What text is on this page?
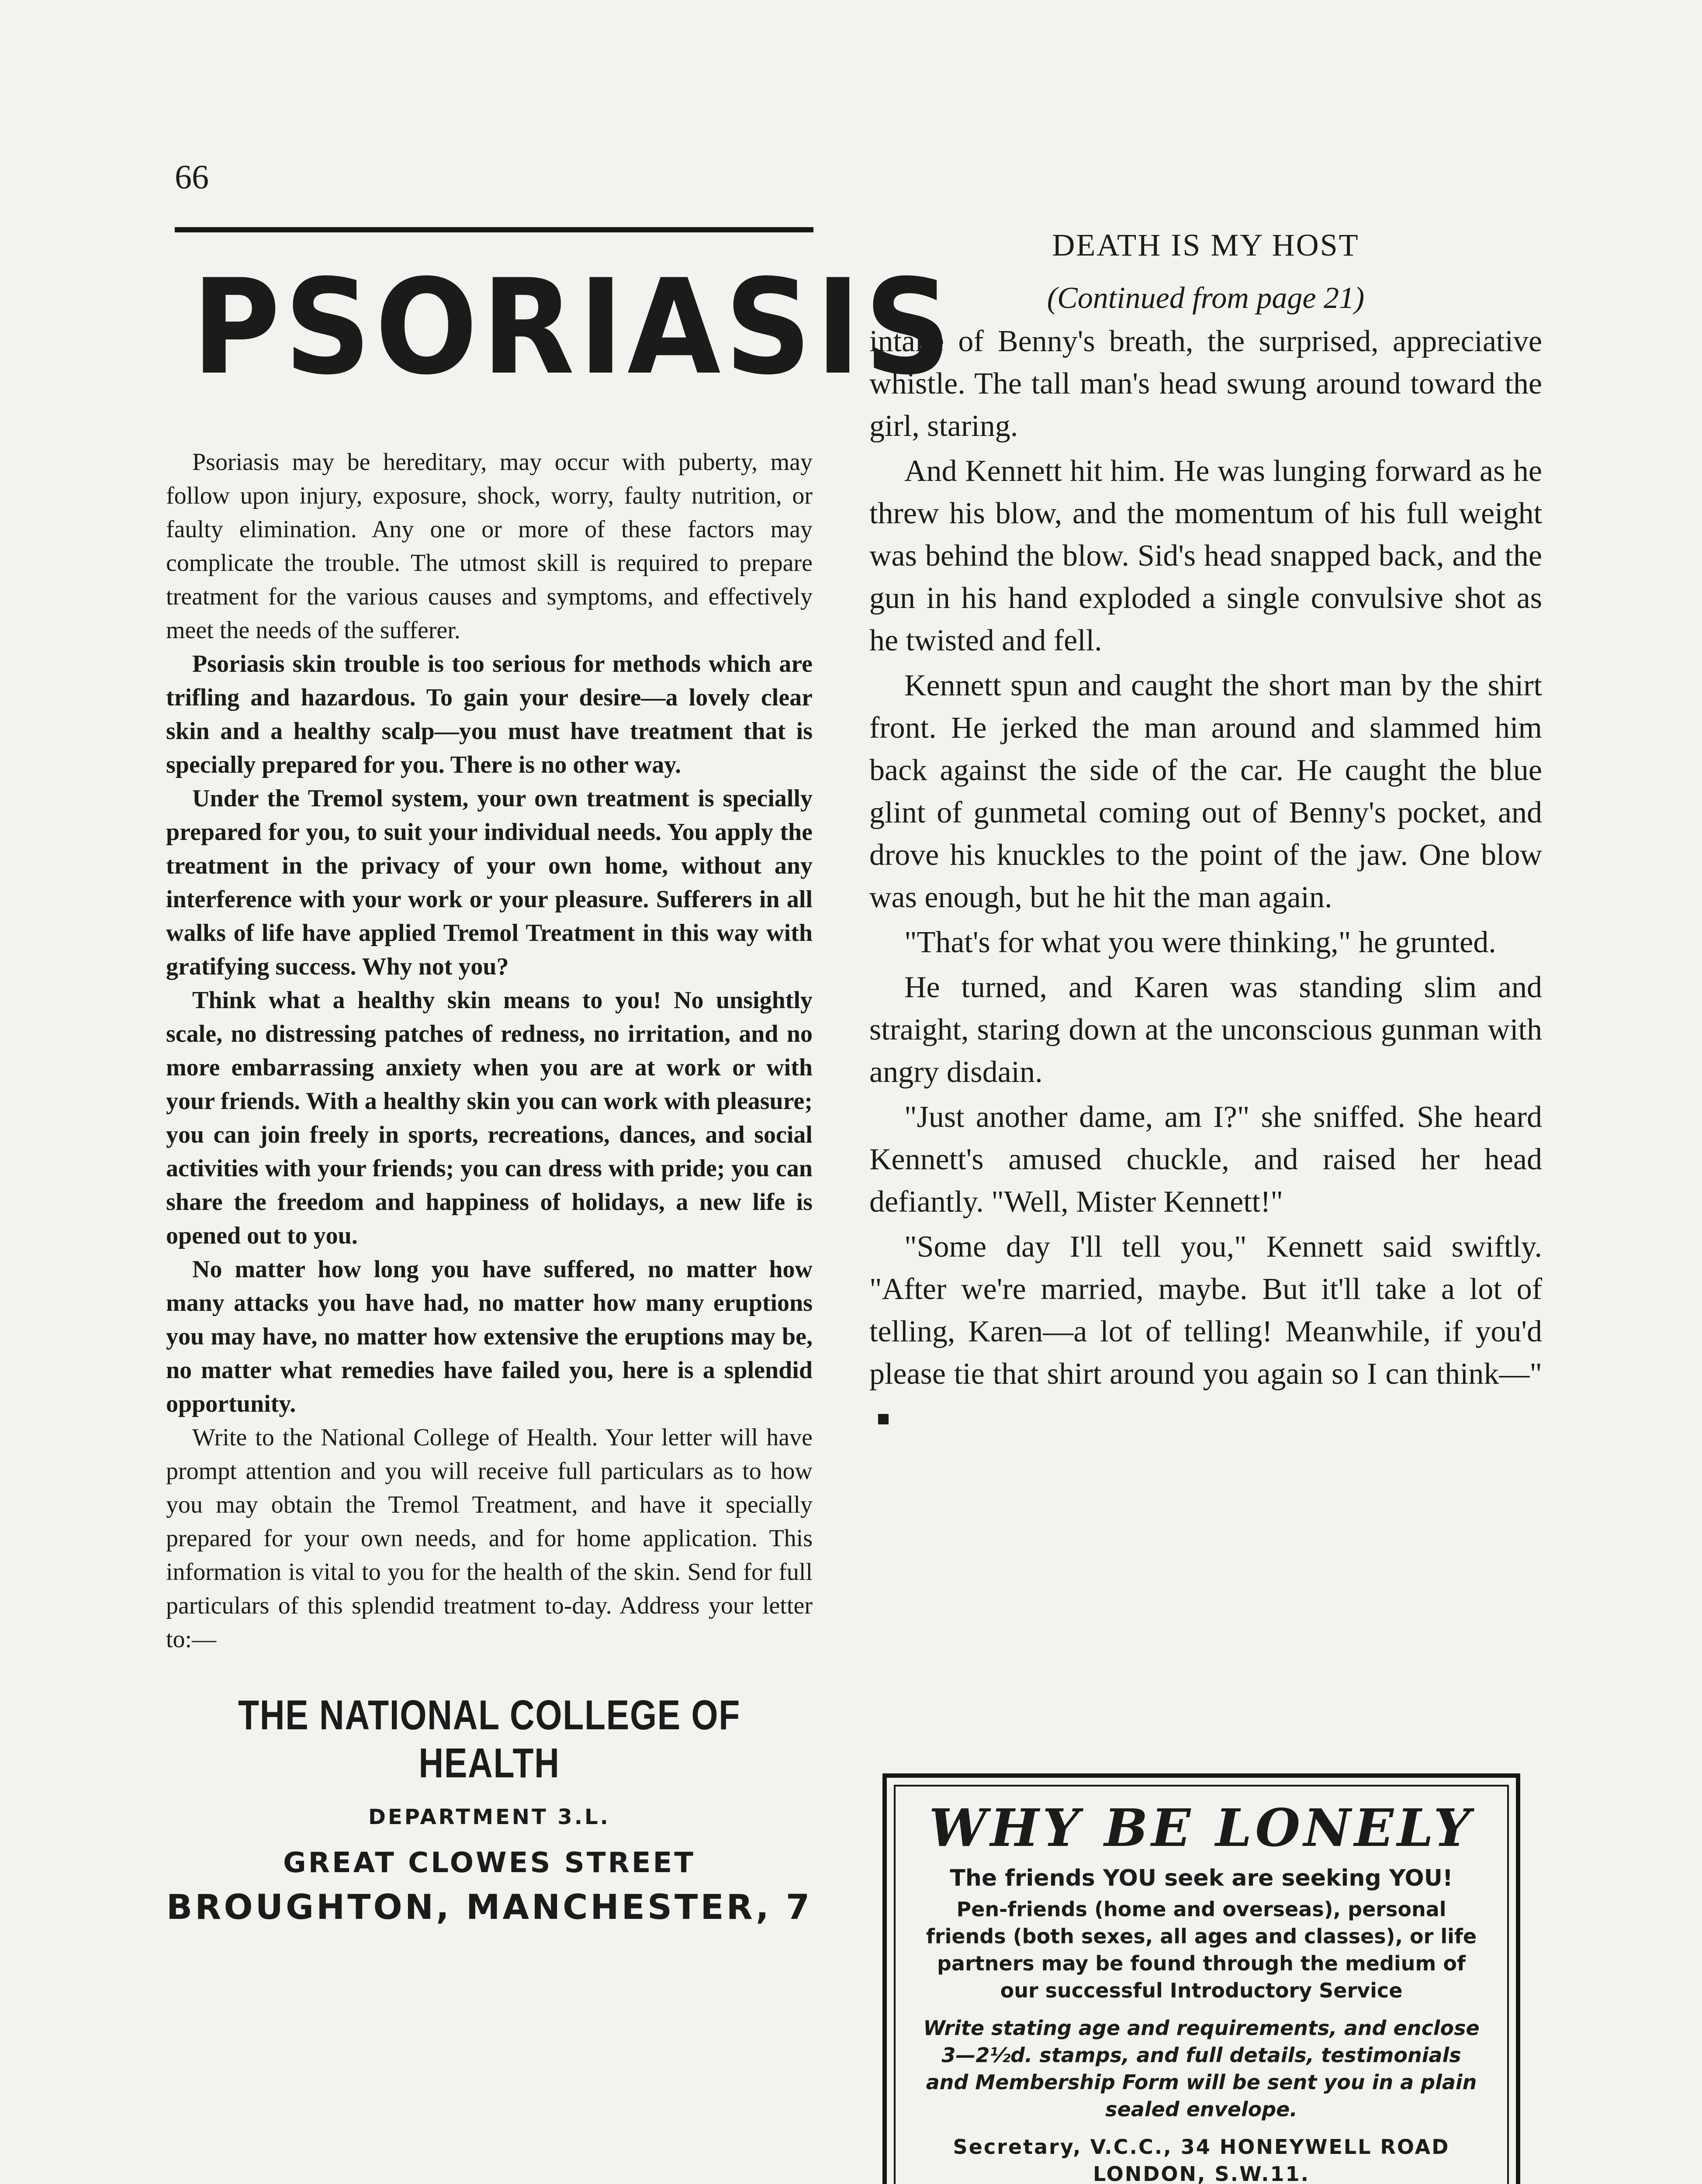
66
PSORIASIS

Psoriasis may be hereditary, may occur with puberty, may follow upon injury, exposure, shock, worry, faulty nutrition, or faulty elimination. Any one or more of these factors may complicate the trouble. The utmost skill is required to prepare treatment for the various causes and symptoms, and effectively meet the needs of the sufferer.

Psoriasis skin trouble is too serious for methods which are trifling and hazardous. To gain your desire—a lovely clear skin and a healthy scalp—you must have treatment that is specially prepared for you. There is no other way.

Under the Tremol system, your own treatment is specially prepared for you, to suit your individual needs. You apply the treatment in the privacy of your own home, without any interference with your work or your pleasure. Sufferers in all walks of life have applied Tremol Treatment in this way with gratifying success. Why not you?

Think what a healthy skin means to you! No unsightly scale, no distressing patches of redness, no irritation, and no more embarrassing anxiety when you are at work or with your friends. With a healthy skin you can work with pleasure; you can join freely in sports, recreations, dances, and social activities with your friends; you can dress with pride; you can share the freedom and happiness of holidays, a new life is opened out to you.

No matter how long you have suffered, no matter how many attacks you have had, no matter how many eruptions you may have, no matter how extensive the eruptions may be, no matter what remedies have failed you, here is a splendid opportunity.

Write to the National College of Health. Your letter will have prompt attention and you will receive full particulars as to how you may obtain the Tremol Treatment, and have it specially prepared for your own needs, and for home application. This information is vital to you for the health of the skin. Send for full particulars of this splendid treatment to-day. Address your letter to:—

THE NATIONAL COLLEGE OF HEALTH
DEPARTMENT 3.L.
GREAT CLOWES STREET
BROUGHTON, MANCHESTER, 7
DEATH IS MY HOST
(Continued from page 21)

intake of Benny's breath, the surprised, appreciative whistle. The tall man's head swung around toward the girl, staring.

And Kennett hit him. He was lunging forward as he threw his blow, and the momentum of his full weight was behind the blow. Sid's head snapped back, and the gun in his hand exploded a single convulsive shot as he twisted and fell.

Kennett spun and caught the short man by the shirt front. He jerked the man around and slammed him back against the side of the car. He caught the blue glint of gunmetal coming out of Benny's pocket, and drove his knuckles to the point of the jaw. One blow was enough, but he hit the man again.

"That's for what you were thinking," he grunted.

He turned, and Karen was standing slim and straight, staring down at the unconscious gunman with angry disdain.

"Just another dame, am I?" she sniffed. She heard Kennett's amused chuckle, and raised her head defiantly. "Well, Mister Kennett!"

"Some day I'll tell you," Kennett said swiftly. "After we're married, maybe. But it'll take a lot of telling, Karen—a lot of telling! Meanwhile, if you'd please tie that shirt around you again so I can think—"

WHY BE LONELY
The friends YOU seek are seeking YOU!
Pen-friends (home and overseas), personal friends (both sexes, all ages and classes), or life partners may be found through the medium of our successful Introductory Service
Write stating age and requirements, and enclose 3—2½d. stamps, and full details, testimonials and Membership Form will be sent you in a plain sealed envelope.
Secretary, V.C.C., 34 HONEYWELL ROAD
LONDON, S.W.11.
